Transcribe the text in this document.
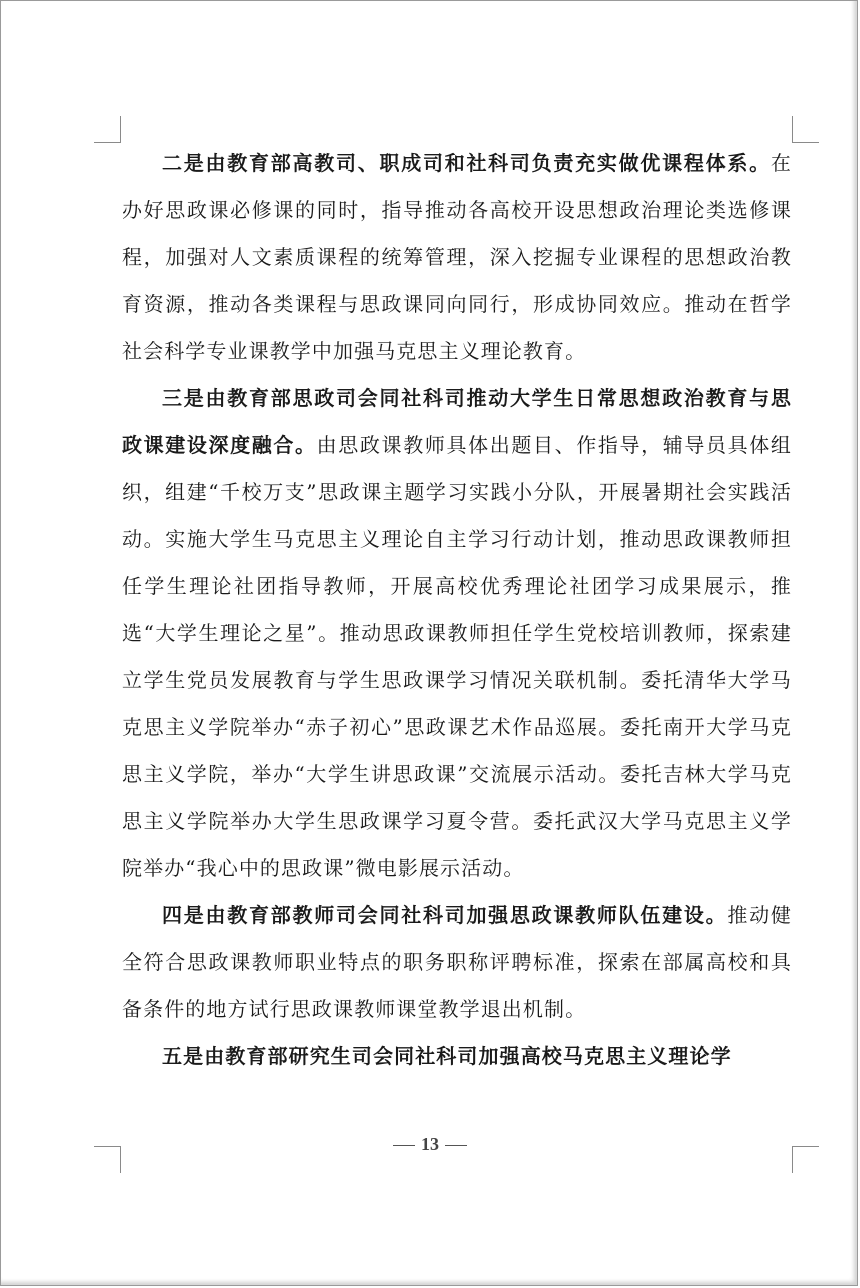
二是由教育部高教司、职成司和社科司负责充实做优课程体系。在办好思政课必修课的同时，指导推动各高校开设思想政治理论类选修课程，加强对人文素质课程的统筹管理，深入挖掘专业课程的思想政治教育资源，推动各类课程与思政课同向同行，形成协同效应。推动在哲学社会科学专业课教学中加强马克思主义理论教育。

三是由教育部思政司会同社科司推动大学生日常思想政治教育与思政课建设深度融合。由思政课教师具体出题目、作指导，辅导员具体组织，组建“千校万支”思政课主题学习实践小分队，开展暑期社会实践活动。实施大学生马克思主义理论自主学习行动计划，推动思政课教师担任学生理论社团指导教师，开展高校优秀理论社团学习成果展示，推选“大学生理论之星”。推动思政课教师担任学生党校培训教师，探索建立学生党员发展教育与学生思政课学习情况关联机制。委托清华大学马克思主义学院举办“赤子初心”思政课艺术作品巡展。委托南开大学马克思主义学院，举办“大学生讲思政课”交流展示活动。委托吉林大学马克思主义学院举办大学生思政课学习夏令营。委托武汉大学马克思主义学院举办“我心中的思政课”微电影展示活动。

四是由教育部教师司会同社科司加强思政课教师队伍建设。推动健全符合思政课教师职业特点的职务职称评聘标准，探索在部属高校和具备条件的地方试行思政课教师课堂教学退出机制。

五是由教育部研究生司会同社科司加强高校马克思主义理论学

13
